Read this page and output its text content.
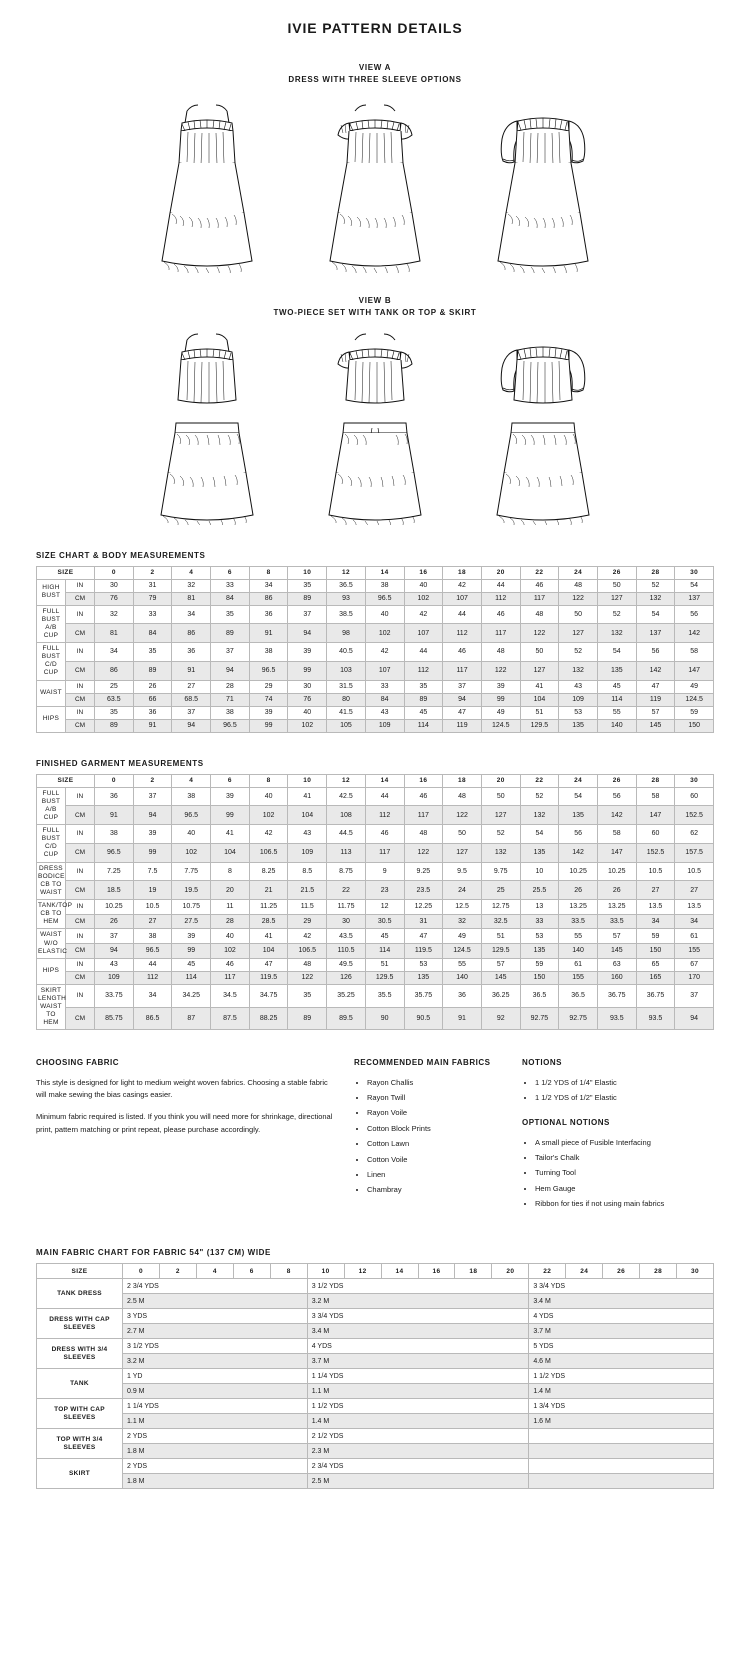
IVIE PATTERN DETAILS
VIEW A
DRESS WITH THREE SLEEVE OPTIONS
VIEW B
TWO-PIECE SET WITH TANK OR TOP & SKIRT
SIZE CHART & BODY MEASUREMENTS
SIZE		0	2	4	6	8	10	12	14	16	18	20	22	24	26	28	30
HIGH BUST	IN	30	31	32	33	34	35	36.5	38	40	42	44	46	48	50	52	54
	CM	76	79	81	84	86	89	93	96.5	102	107	112	117	122	127	132	137
FULL BUST A/B CUP	IN	32	33	34	35	36	37	38.5	40	42	44	46	48	50	52	54	56
	CM	81	84	86	89	91	94	98	102	107	112	117	122	127	132	137	142
FULL BUST C/D CUP	IN	34	35	36	37	38	39	40.5	42	44	46	48	50	52	54	56	58
	CM	86	89	91	94	96.5	99	103	107	112	117	122	127	132	135	142	147
WAIST	IN	25	26	27	28	29	30	31.5	33	35	37	39	41	43	45	47	49
	CM	63.5	66	68.5	71	74	76	80	84	89	94	99	104	109	114	119	124.5
HIPS	IN	35	36	37	38	39	40	41.5	43	45	47	49	51	53	55	57	59
	CM	89	91	94	96.5	99	102	105	109	114	119	124.5	129.5	135	140	145	150
FINISHED GARMENT MEASUREMENTS
SIZE		0	2	4	6	8	10	12	14	16	18	20	22	24	26	28	30
FULL BUST A/B CUP	IN	36	37	38	39	40	41	42.5	44	46	48	50	52	54	56	58	60
	CM	91	94	96.5	99	102	104	108	112	117	122	127	132	135	142	147	152.5
FULL BUST C/D CUP	IN	38	39	40	41	42	43	44.5	46	48	50	52	54	56	58	60	62
	CM	96.5	99	102	104	106.5	109	113	117	122	127	132	135	142	147	152.5	157.5
DRESS BODICE CB TO WAIST	IN	7.25	7.5	7.75	8	8.25	8.5	8.75	9	9.25	9.5	9.75	10	10.25	10.25	10.5	10.5
	CM	18.5	19	19.5	20	21	21.5	22	23	23.5	24	25	25.5	26	26	27	27
TANK/TOP CB TO HEM	IN	10.25	10.5	10.75	11	11.25	11.5	11.75	12	12.25	12.5	12.75	13	13.25	13.25	13.5	13.5
	CM	26	27	27.5	28	28.5	29	30	30.5	31	32	32.5	33	33.5	33.5	34	34
WAIST W/O ELASTIC	IN	37	38	39	40	41	42	43.5	45	47	49	51	53	55	57	59	61
	CM	94	96.5	99	102	104	106.5	110.5	114	119.5	124.5	129.5	135	140	145	150	155
HIPS	IN	43	44	45	46	47	48	49.5	51	53	55	57	59	61	63	65	67
	CM	109	112	114	117	119.5	122	126	129.5	135	140	145	150	155	160	165	170
SKIRT LENGTH WAIST TO HEM	IN	33.75	34	34.25	34.5	34.75	35	35.25	35.5	35.75	36	36.25	36.5	36.5	36.75	36.75	37
	CM	85.75	86.5	87	87.5	88.25	89	89.5	90	90.5	91	92	92.75	92.75	93.5	93.5	94
CHOOSING FABRIC

This style is designed for light to medium weight woven fabrics. Choosing a stable fabric will make sewing the bias casings easier.

Minimum fabric required is listed. If you think you will need more for shrinkage, directional print, pattern matching or print repeat, please purchase accordingly.

RECOMMENDED MAIN FABRICS
• Rayon Challis
• Rayon Twill
• Rayon Voile
• Cotton Block Prints
• Cotton Lawn
• Cotton Voile
• Linen
• Chambray
NOTIONS
• 1 1/2 YDS of 1/4" Elastic
• 1 1/2 YDS of 1/2" Elastic
OPTIONAL NOTIONS
• A small piece of Fusible Interfacing
• Tailor's Chalk
• Turning Tool
• Hem Gauge
• Ribbon for ties if not using main fabrics
MAIN FABRIC CHART FOR FABRIC 54" (137 CM) WIDE
SIZE	0	2	4	6	8	10	12	14	16	18	20	22	24	26	28	30
TANK DRESS	2 3/4 YDS					3 1/2 YDS						3 3/4 YDS				
	2.5 M					3.2 M						3.4 M				
DRESS WITH CAP SLEEVES	3 YDS					3 3/4 YDS						4 YDS				
	2.7 M					3.4 M						3.7 M				
DRESS WITH 3/4 SLEEVES	3 1/2 YDS					4 YDS						5 YDS				
	3.2 M					3.7 M						4.6 M				
TANK	1 YD					1 1/4 YDS						1 1/2 YDS				
	0.9 M					1.1 M						1.4 M				
TOP WITH CAP SLEEVES	1 1/4 YDS					1 1/2 YDS						1 3/4 YDS				
	1.1 M					1.4 M						1.6 M				
TOP WITH 3/4 SLEEVES	2 YDS					2 1/2 YDS										
	1.8 M					2.3 M										
SKIRT	2 YDS					2 3/4 YDS										
	1.8 M					2.5 M										
